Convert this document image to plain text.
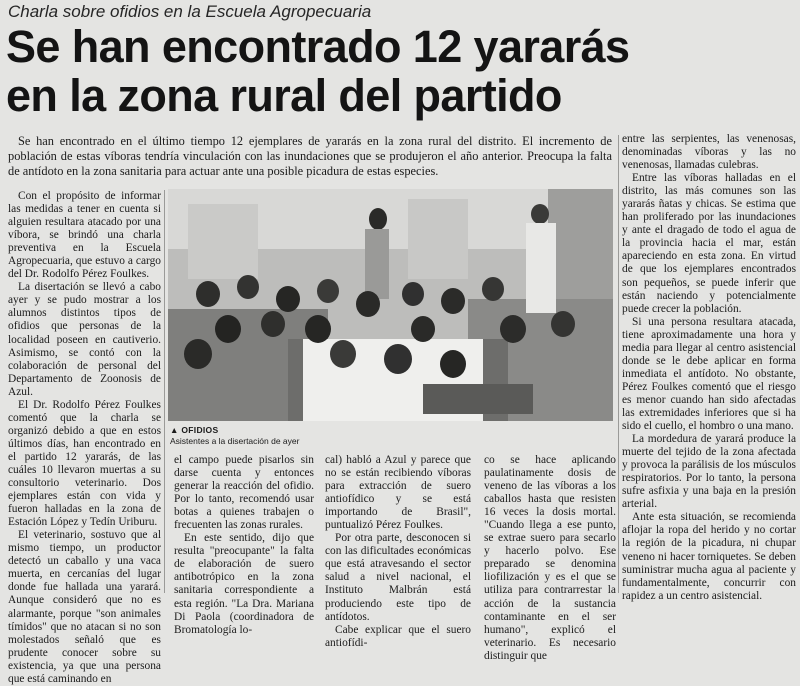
Charla sobre ofidios en la Escuela Agropecuaria
Se han encontrado 12 yararás
en la zona rural del partido
Se han encontrado en el último tiempo 12 ejemplares de yararás en la zona rural del distrito. El incremento de población de estas víboras tendría vinculación con las inundaciones que se produjeron el año anterior. Preocupa la falta de antídoto en la zona sanitaria para actuar ante una posible picadura de estas especies.

Con el propósito de informar las medidas a tener en cuenta si alguien resultara atacado por una víbora, se brindó una charla preventiva en la Escuela Agropecuaria, que estuvo a cargo del Dr. Rodolfo Pérez Foulkes.

La disertación se llevó a cabo ayer y se pudo mostrar a los alumnos distintos tipos de ofidios que personas de la localidad poseen en cautiverio. Asimismo, se contó con la colaboración de personal del Departamento de Zoonosis de Azul.

El Dr. Rodolfo Pérez Foulkes comentó que la charla se organizó debido a que en estos últimos días, han encontrado en el partido 12 yararás, de las cuáles 10 llevaron muertas a su consultorio veterinario. Dos ejemplares están con vida y fueron halladas en la zona de Estación López y Tedín Uriburu.

El veterinario, sostuvo que al mismo tiempo, un productor detectó un caballo y una vaca muerta, en cercanías del lugar donde fue hallada una yarará. Aunque consideró que no es alarmante, porque "son animales tímidos" que no atacan si no son molestados señaló que es prudente conocer sobre su existencia, ya que una persona que está caminando en

▲ OFIDIOS
Asistentes a la disertación de ayer

el campo puede pisarlos sin darse cuenta y entonces generar la reacción del ofidio. Por lo tanto, recomendó usar botas a quienes trabajen o frecuenten las zonas rurales.

En este sentido, dijo que resulta "preocupante" la falta de elaboración de suero antibotrópico en la zona sanitaria correspondiente a esta región. "La Dra. Mariana Di Paola (coordinadora de Bromatología lo-

cal) habló a Azul y parece que no se están recibiendo víboras para extracción de suero antiofídico y se está importando de Brasil", puntualizó Pérez Foulkes.

Por otra parte, desconocen si con las dificultades económicas que está atravesando el sector salud a nivel nacional, el Instituto Malbrán está produciendo este tipo de antídotos.

Cabe explicar que el suero antiofídi-

co se hace aplicando paulatinamente dosis de veneno de las víboras a los caballos hasta que resisten 16 veces la dosis mortal. "Cuando llega a ese punto, se extrae suero para secarlo y hacerlo polvo. Ese preparado se denomina liofilización y es el que se utiliza para contrarrestar la acción de la sustancia contaminante en el ser humano", explicó el veterinario. Es necesario distinguir que

entre las serpientes, las venenosas, denominadas víboras y las no venenosas, llamadas culebras.

Entre las víboras halladas en el distrito, las más comunes son las yararás ñatas y chicas. Se estima que han proliferado por las inundaciones y ante el dragado de todo el agua de la provincia hacia el mar, están apareciendo en esta zona. En virtud de que los ejemplares encontrados son pequeños, se puede inferir que están naciendo y potencialmente puede crecer la población.

Si una persona resultara atacada, tiene aproximadamente una hora y media para llegar al centro asistencial donde se le debe aplicar en forma inmediata el antídoto. No obstante, Pérez Foulkes comentó que el riesgo es menor cuando han sido afectadas las extremidades inferiores que si ha sido el cuello, el hombro o una mano.

La mordedura de yarará produce la muerte del tejido de la zona afectada y provoca la parálisis de los músculos respiratorios. Por lo tanto, la persona sufre asfixia y una baja en la presión arterial.

Ante esta situación, se recomienda aflojar la ropa del herido y no cortar la región de la picadura, ni chupar veneno ni hacer torniquetes. Se deben suministrar mucha agua al paciente y fundamentalmente, concurrir con rapidez a un centro asistencial.
